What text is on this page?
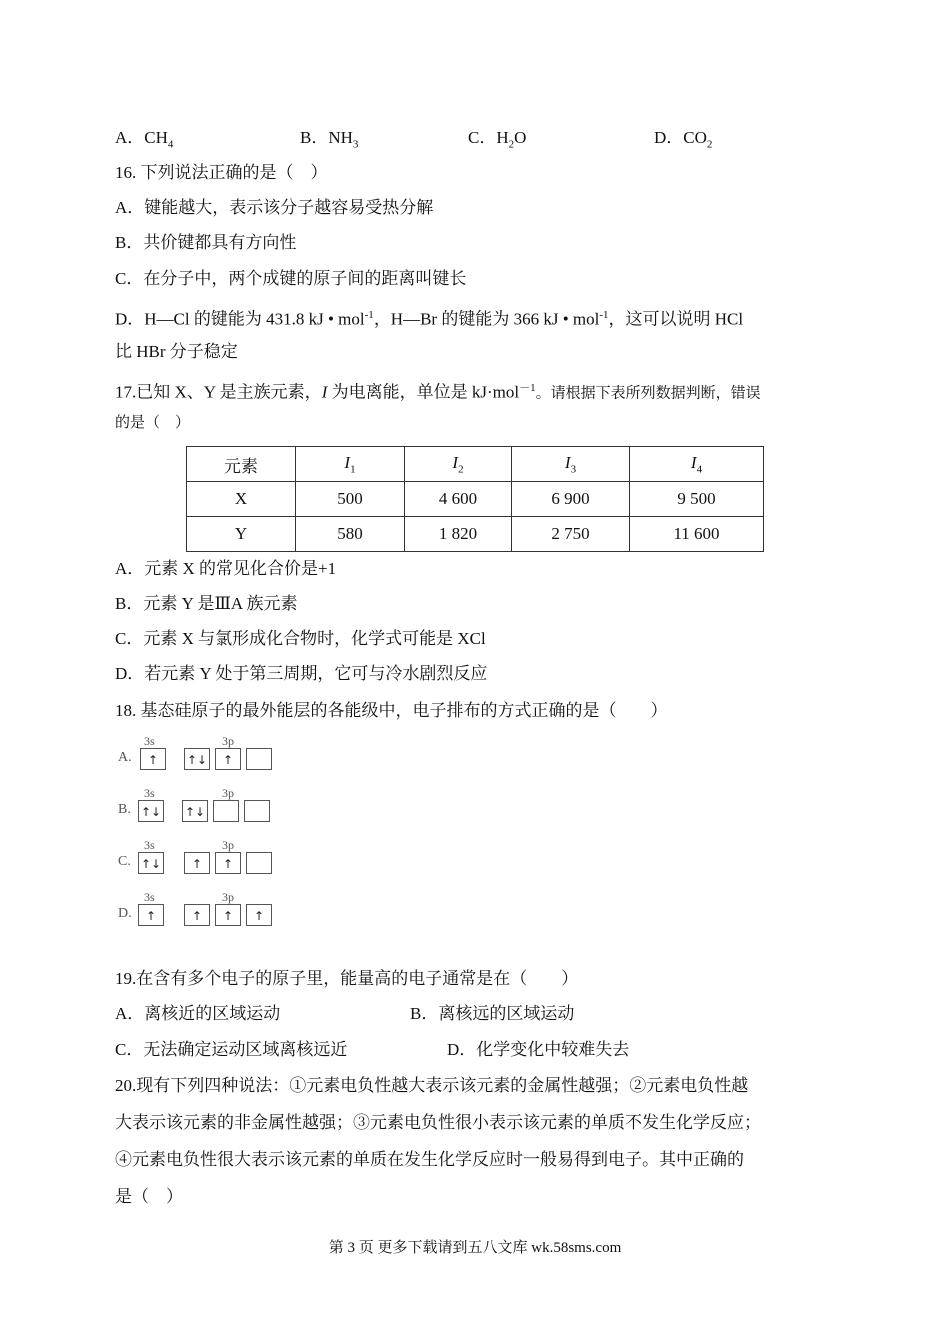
A．$CH_4$	B．$NH_3$	C．$H_2O$	D．$CO_2$
16. 下列说法正确的是（　）
A．键能越大，表示该分子越容易受热分解
B．共价键都具有方向性
C．在分子中，两个成键的原子间的距离叫键长
D．H—Cl 的键能为 431.8 kJ • mol$^{-1}$，H—Br 的键能为 366 kJ • mol$^{-1}$，这可以说明 HCl
比 HBr 分子稳定
17.已知 X、Y 是主族元素，I 为电离能，单位是 kJ·mol$^{-1}$。请根据下表所列数据判断，错误
的是（　）
元素	$I_1$	$I_2$	$I_3$	$I_4$
X	500	4 600	6 900	9 500
Y	580	1 820	2 750	11 600
A．元素 X 的常见化合价是+1
B．元素 Y 是ⅢA 族元素
C．元素 X 与氯形成化合物时，化学式可能是 XCl
D．若元素 Y 处于第三周期，它可与冷水剧烈反应
18. 基态硅原子的最外能层的各能级中，电子排布的方式正确的是（　　）
A.
3s	3p
↑	↑↓	↑
B.
3s	3p
↑↓ ↑↓
C.
3s	3p
↑↓	↑	↑
D.
3s	3p
↑	↑	↑	↑
19.在含有多个电子的原子里，能量高的电子通常是在（　　）
A．离核近的区域运动	B．离核远的区域运动
C．无法确定运动区域离核远近	D．化学变化中较难失去
20.现有下列四种说法：①元素电负性越大表示该元素的金属性越强；②元素电负性越
大表示该元素的非金属性越强；③元素电负性很小表示该元素的单质不发生化学反应；
④元素电负性很大表示该元素的单质在发生化学反应时一般易得到电子。其中正确的
是（　）
第 3 页 更多下载请到五八文库 wk.58sms.com
